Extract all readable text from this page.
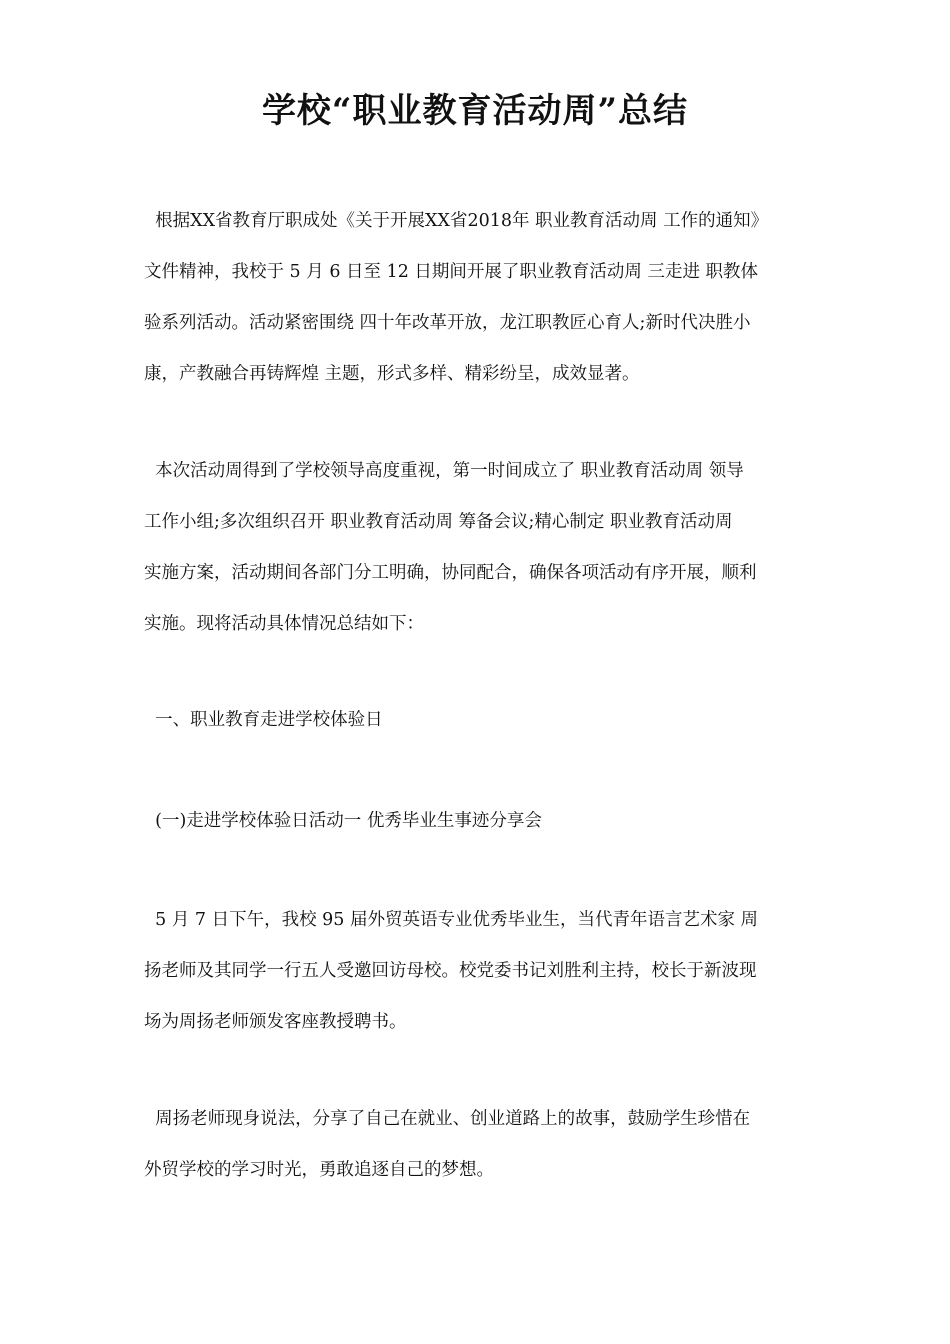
学校“职业教育活动周”总结
根据XX省教育厅职成处《关于开展XX省2018年 职业教育活动周 工作的通知》
文件精神，我校于 5 月 6 日至 12 日期间开展了职业教育活动周 三走进 职教体
验系列活动。活动紧密围绕 四十年改革开放，龙江职教匠心育人;新时代决胜小
康，产教融合再铸辉煌 主题，形式多样、精彩纷呈，成效显著。
本次活动周得到了学校领导高度重视，第一时间成立了 职业教育活动周 领导
工作小组;多次组织召开 职业教育活动周 筹备会议;精心制定 职业教育活动周
实施方案，活动期间各部门分工明确，协同配合，确保各项活动有序开展，顺利
实施。现将活动具体情况总结如下：
一、职业教育走进学校体验日
(一)走进学校体验日活动一 优秀毕业生事迹分享会
5 月 7 日下午，我校 95 届外贸英语专业优秀毕业生，当代青年语言艺术家 周
扬老师及其同学一行五人受邀回访母校。校党委书记刘胜利主持，校长于新波现
场为周扬老师颁发客座教授聘书。
周扬老师现身说法，分享了自己在就业、创业道路上的故事，鼓励学生珍惜在
外贸学校的学习时光，勇敢追逐自己的梦想。
